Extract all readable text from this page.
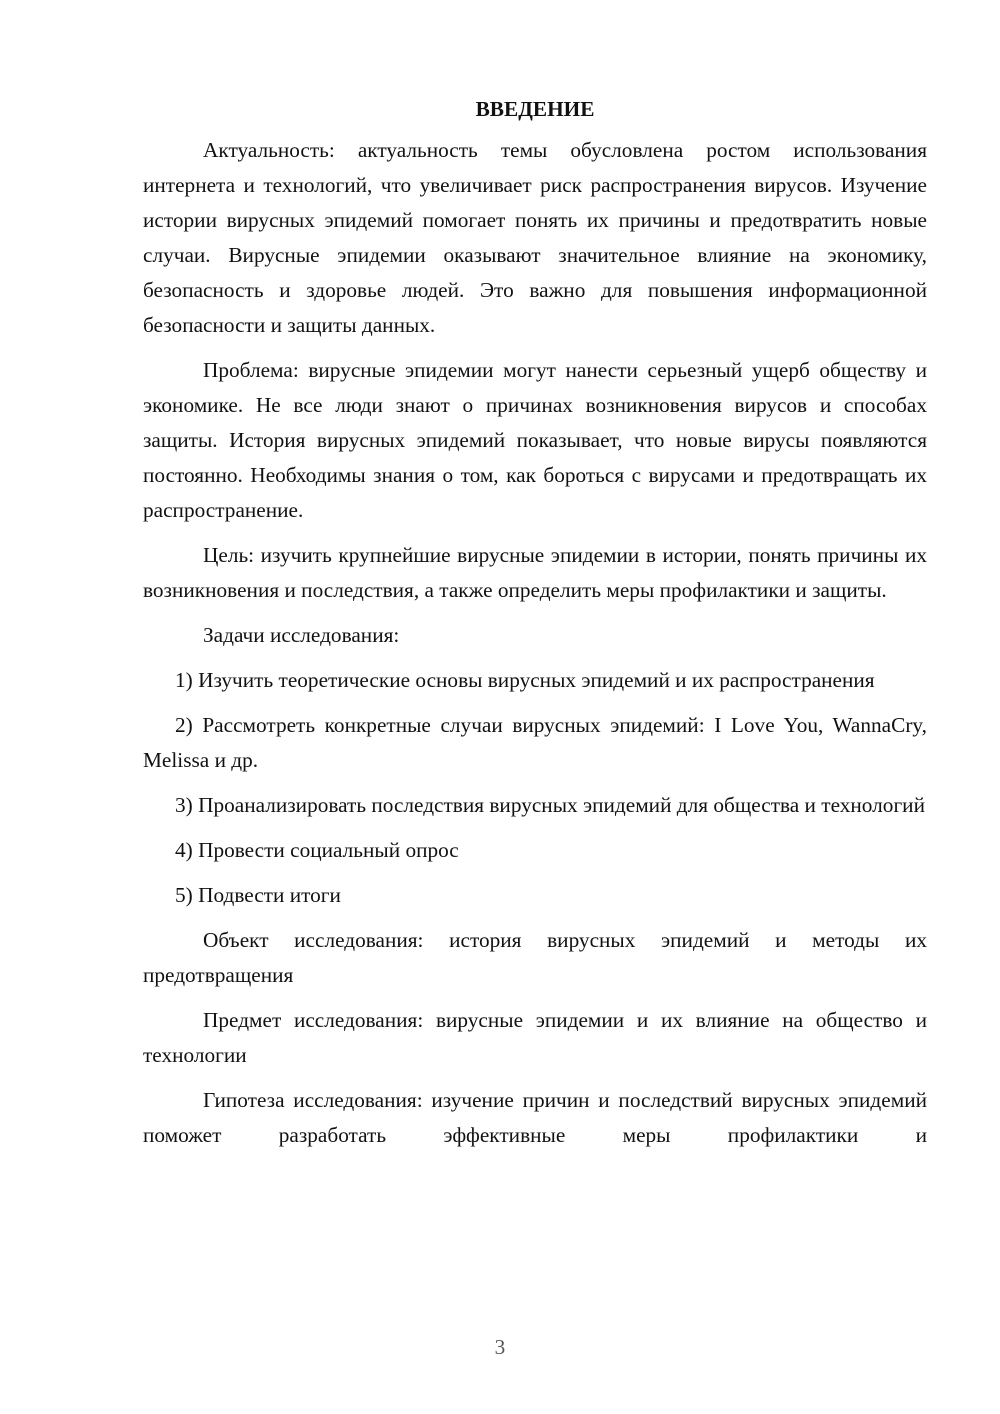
ВВЕДЕНИЕ

Актуальность: актуальность темы обусловлена ростом использования интернета и технологий, что увеличивает риск распространения вирусов. Изучение истории вирусных эпидемий помогает понять их причины и предотвратить новые случаи. Вирусные эпидемии оказывают значительное влияние на экономику, безопасность и здоровье людей. Это важно для повышения информационной безопасности и защиты данных.

Проблема: вирусные эпидемии могут нанести серьезный ущерб обществу и экономике. Не все люди знают о причинах возникновения вирусов и способах защиты. История вирусных эпидемий показывает, что новые вирусы появляются постоянно. Необходимы знания о том, как бороться с вирусами и предотвращать их распространение.

Цель: изучить крупнейшие вирусные эпидемии в истории, понять причины их возникновения и последствия, а также определить меры профилактики и защиты.

Задачи исследования:

1) Изучить теоретические основы вирусных эпидемий и их распространения

2) Рассмотреть конкретные случаи вирусных эпидемий: I Love You, WannaCry, Melissa и др.

3) Проанализировать последствия вирусных эпидемий для общества и технологий

4) Провести социальный опрос

5) Подвести итоги

Объект исследования: история вирусных эпидемий и методы их предотвращения

Предмет исследования: вирусные эпидемии и их влияние на общество и технологии

Гипотеза исследования: изучение причин и последствий вирусных эпидемий поможет разработать эффективные меры профилактики и

3
